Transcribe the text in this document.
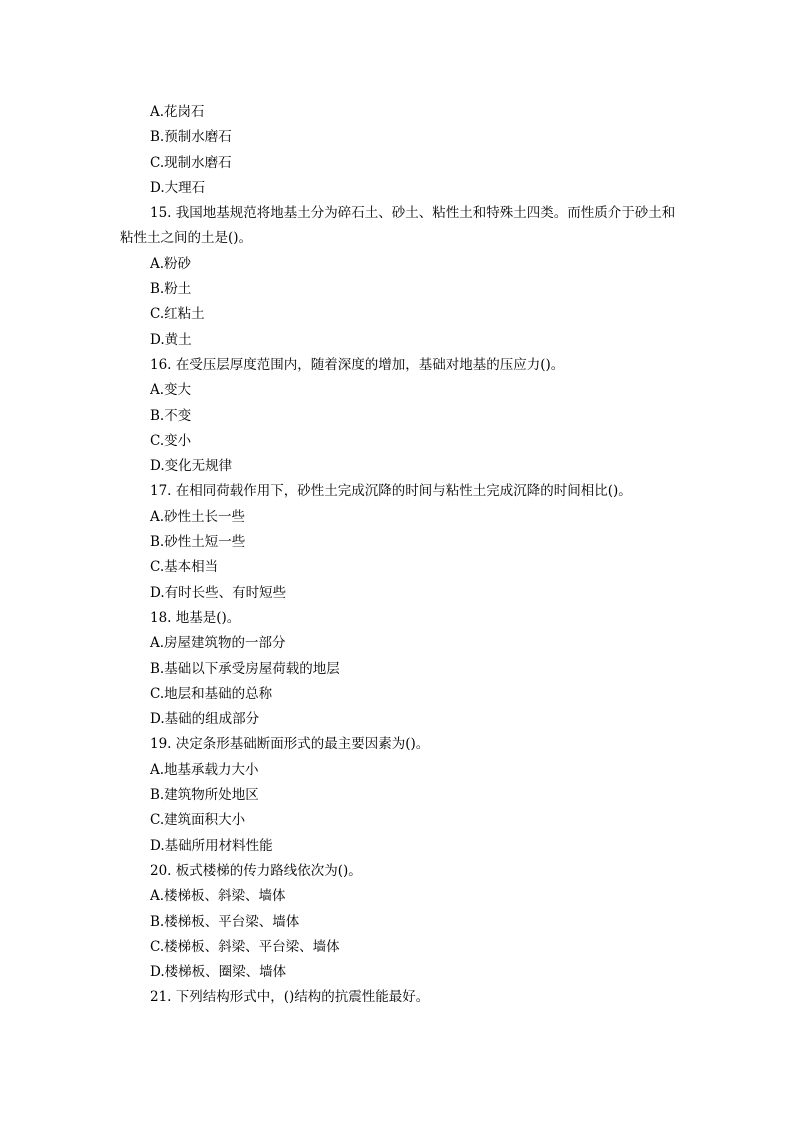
A.花岗石
B.预制水磨石
C.现制水磨石
D.大理石
15. 我国地基规范将地基土分为碎石土、砂土、粘性土和特殊土四类。而性质介于砂土和粘性土之间的土是()。
A.粉砂
B.粉土
C.红粘土
D.黄土
16. 在受压层厚度范围内，随着深度的增加，基础对地基的压应力()。
A.变大
B.不变
C.变小
D.变化无规律
17. 在相同荷载作用下，砂性土完成沉降的时间与粘性土完成沉降的时间相比()。
A.砂性土长一些
B.砂性土短一些
C.基本相当
D.有时长些、有时短些
18. 地基是()。
A.房屋建筑物的一部分
B.基础以下承受房屋荷载的地层
C.地层和基础的总称
D.基础的组成部分
19. 决定条形基础断面形式的最主要因素为()。
A.地基承载力大小
B.建筑物所处地区
C.建筑面积大小
D.基础所用材料性能
20. 板式楼梯的传力路线依次为()。
A.楼梯板、斜梁、墙体
B.楼梯板、平台梁、墙体
C.楼梯板、斜梁、平台梁、墙体
D.楼梯板、圈梁、墙体
21. 下列结构形式中，()结构的抗震性能最好。
